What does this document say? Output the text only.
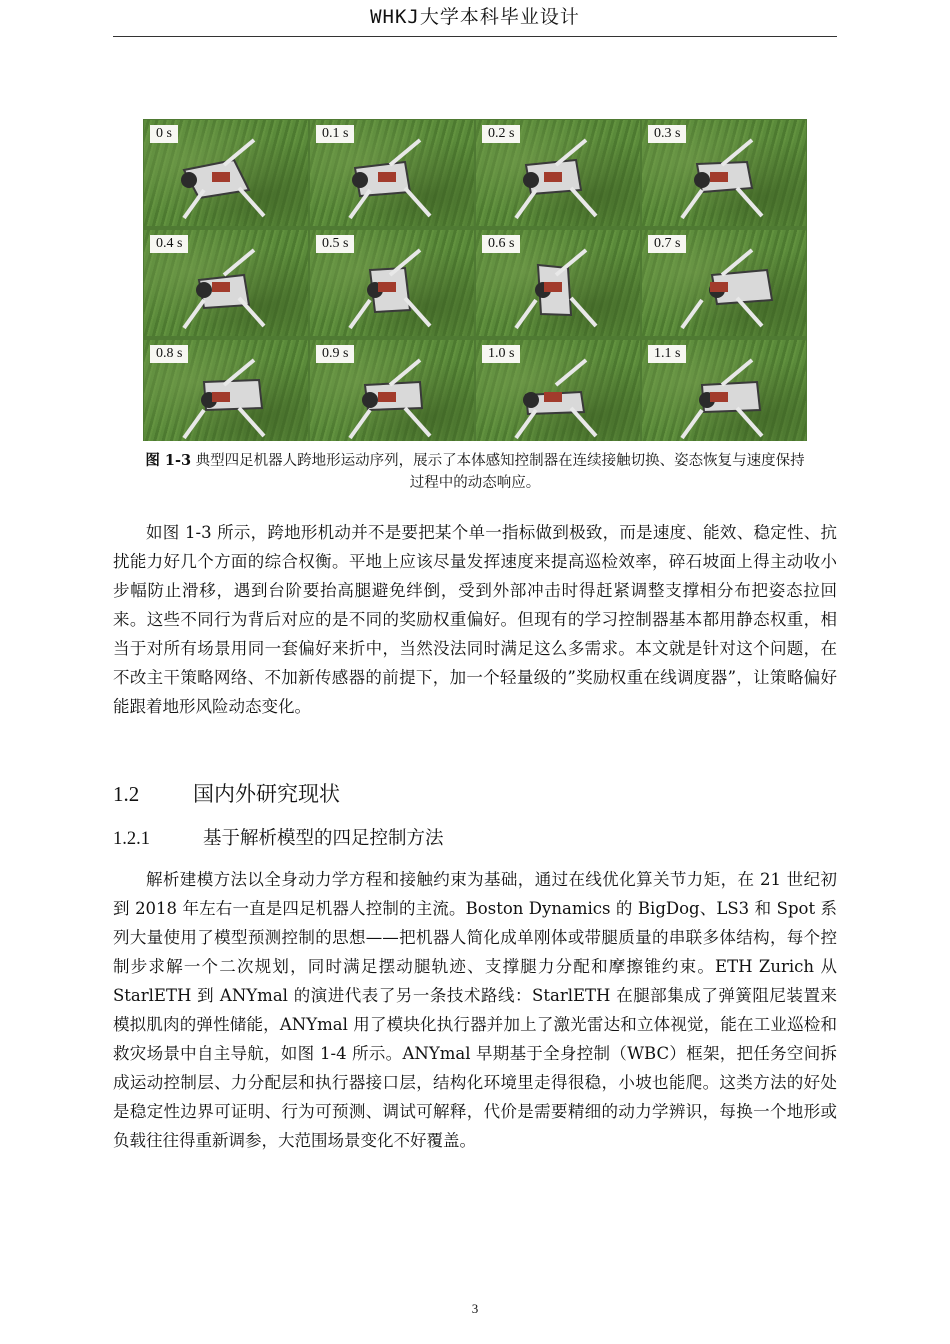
WHKJ大学本科毕业设计
0 s	0.1 s	0.2 s	0.3 s
0.4 s	0.5 s	0.6 s	0.7 s
0.8 s	0.9 s	1.0 s	1.1 s
图 1-3 典型四足机器人跨地形运动序列，展示了本体感知控制器在连续接触切换、姿态恢复与速度保持过程中的动态响应。

如图 1-3 所示，跨地形机动并不是要把某个单一指标做到极致，而是速度、能效、稳定性、抗扰能力好几个方面的综合权衡。平地上应该尽量发挥速度来提高巡检效率，碎石坡面上得主动收小步幅防止滑移，遇到台阶要抬高腿避免绊倒，受到外部冲击时得赶紧调整支撑相分布把姿态拉回来。这些不同行为背后对应的是不同的奖励权重偏好。但现有的学习控制器基本都用静态权重，相当于对所有场景用同一套偏好来折中，当然没法同时满足这么多需求。本文就是针对这个问题，在不改主干策略网络、不加新传感器的前提下，加一个轻量级的”奖励权重在线调度器”，让策略偏好能跟着地形风险动态变化。

1.2	国内外研究现状
1.2.1	基于解析模型的四足控制方法

解析建模方法以全身动力学方程和接触约束为基础，通过在线优化算关节力矩，在 21 世纪初到 2018 年左右一直是四足机器人控制的主流。Boston Dynamics 的 BigDog、LS3 和 Spot 系列大量使用了模型预测控制的思想——把机器人简化成单刚体或带腿质量的串联多体结构，每个控制步求解一个二次规划，同时满足摆动腿轨迹、支撑腿力分配和摩擦锥约束。ETH Zurich 从 StarlETH 到 ANYmal 的演进代表了另一条技术路线：StarlETH 在腿部集成了弹簧阻尼装置来模拟肌肉的弹性储能，ANYmal 用了模块化执行器并加上了激光雷达和立体视觉，能在工业巡检和救灾场景中自主导航，如图 1-4 所示。ANYmal 早期基于全身控制（WBC）框架，把任务空间拆成运动控制层、力分配层和执行器接口层，结构化环境里走得很稳，小坡也能爬。这类方法的好处是稳定性边界可证明、行为可预测、调试可解释，代价是需要精细的动力学辨识，每换一个地形或负载往往得重新调参，大范围场景变化不好覆盖。

3
